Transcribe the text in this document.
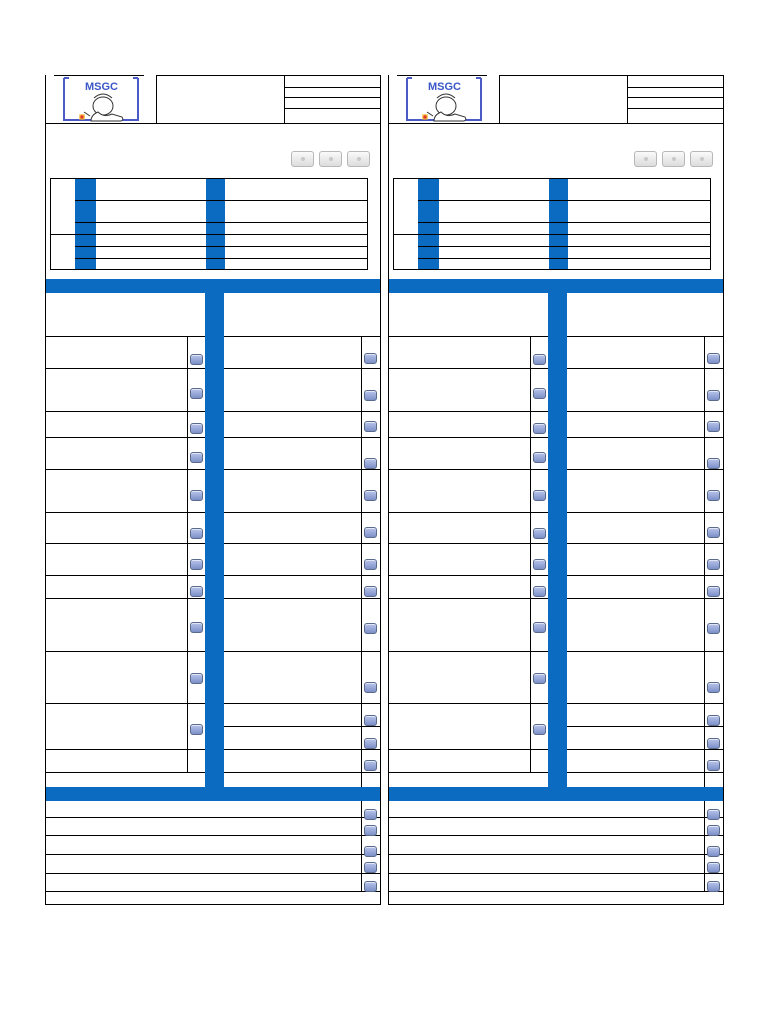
MSGC	MSGC
